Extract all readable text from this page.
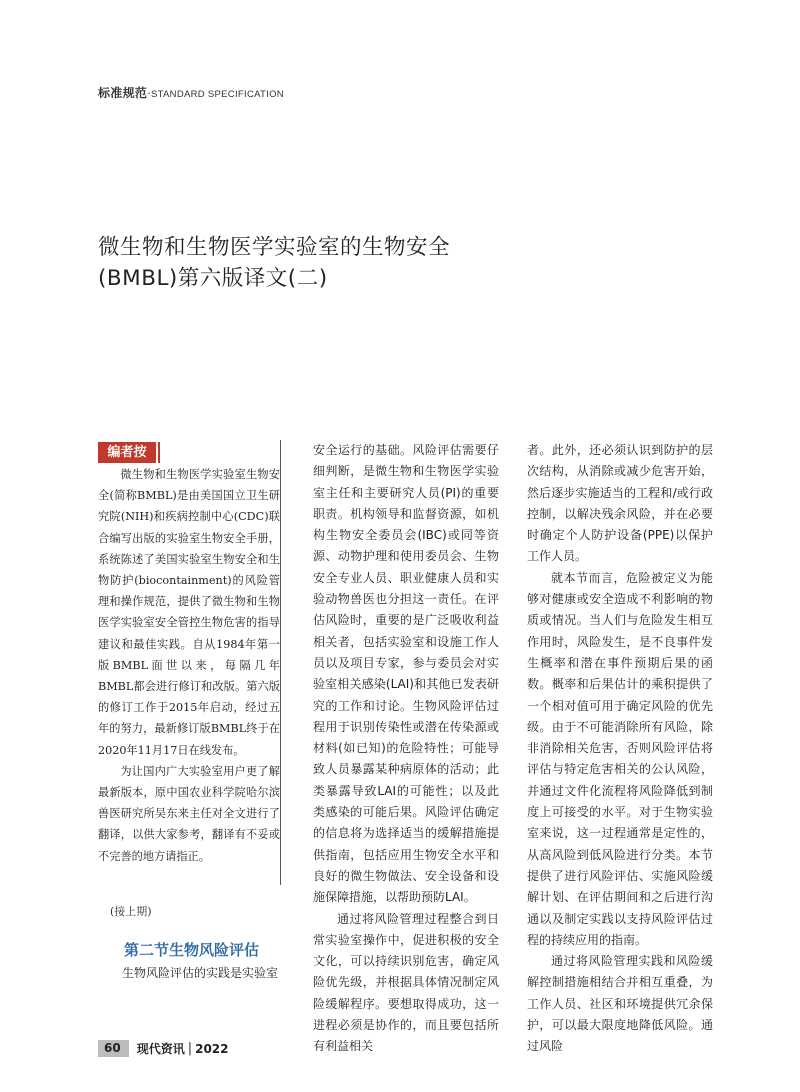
标准规范·STANDARD SPECIFICATION
微生物和生物医学实验室的生物安全
(BMBL)第六版译文(二)
编者按

微生物和生物医学实验室生物安全(简称BMBL)是由美国国立卫生研究院(NIH)和疾病控制中心(CDC)联合编写出版的实验室生物安全手册，系统陈述了美国实验室生物安全和生物防护(biocontainment)的风险管理和操作规范，提供了微生物和生物医学实验室安全管控生物危害的指导建议和最佳实践。自从1984年第一版BMBL面世以来，每隔几年BMBL都会进行修订和改版。第六版的修订工作于2015年启动，经过五年的努力，最新修订版BMBL终于在2020年11月17日在线发布。

为让国内广大实验室用户更了解最新版本，原中国农业科学院哈尔滨兽医研究所吴东来主任对全文进行了翻译，以供大家参考，翻译有不妥或不完善的地方请指正。

(接上期)
第二节生物风险评估

生物风险评估的实践是实验室

安全运行的基础。风险评估需要仔细判断，是微生物和生物医学实验室主任和主要研究人员(PI)的重要职责。机构领导和监督资源，如机构生物安全委员会(IBC)或同等资源、动物护理和使用委员会、生物安全专业人员、职业健康人员和实验动物兽医也分担这一责任。在评估风险时，重要的是广泛吸收利益相关者，包括实验室和设施工作人员以及项目专家，参与委员会对实验室相关感染(LAI)和其他已发表研究的工作和讨论。生物风险评估过程用于识别传染性或潜在传染源或材料(如已知)的危险特性；可能导致人员暴露某种病原体的活动；此类暴露导致LAI的可能性；以及此类感染的可能后果。风险评估确定的信息将为选择适当的缓解措施提供指南，包括应用生物安全水平和良好的微生物做法、安全设备和设施保障措施，以帮助预防LAI。

通过将风险管理过程整合到日常实验室操作中，促进积极的安全文化，可以持续识别危害，确定风险优先级，并根据具体情况制定风险缓解程序。要想取得成功，这一进程必须是协作的，而且要包括所有利益相关

者。此外，还必须认识到防护的层次结构，从消除或减少危害开始，然后逐步实施适当的工程和/或行政控制，以解决残余风险，并在必要时确定个人防护设备(PPE)以保护工作人员。

就本节而言，危险被定义为能够对健康或安全造成不利影响的物质或情况。当人们与危险发生相互作用时，风险发生，是不良事件发生概率和潜在事件预期后果的函数。概率和后果估计的乘积提供了一个相对值可用于确定风险的优先级。由于不可能消除所有风险，除非消除相关危害，否则风险评估将评估与特定危害相关的公认风险，并通过文件化流程将风险降低到制度上可接受的水平。对于生物实验室来说，这一过程通常是定性的，从高风险到低风险进行分类。本节提供了进行风险评估、实施风险缓解计划、在评估期间和之后进行沟通以及制定实践以支持风险评估过程的持续应用的指南。

通过将风险管理实践和风险缓解控制措施相结合并相互重叠，为工作人员、社区和环境提供冗余保护，可以最大限度地降低风险。通过风险

60	现代资讯 | 2022
